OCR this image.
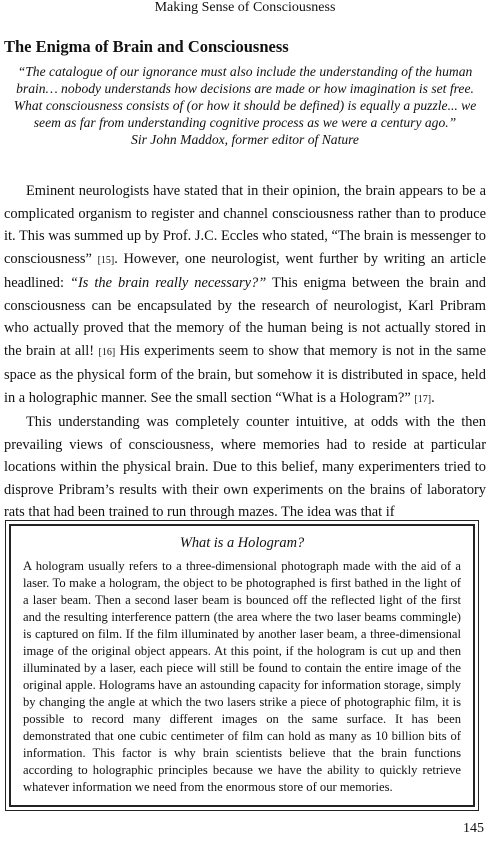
Making Sense of Consciousness
The Enigma of Brain and Consciousness
“The catalogue of our ignorance must also include the understanding of the human brain… nobody understands how decisions are made or how imagination is set free. What consciousness consists of (or how it should be defined) is equally a puzzle... we seem as far from understanding cognitive process as we were a century ago.”
Sir John Maddox, former editor of Nature

Eminent neurologists have stated that in their opinion, the brain appears to be a complicated organism to register and channel consciousness rather than to produce it. This was summed up by Prof. J.C. Eccles who stated, “The brain is messenger to consciousness” [15]. However, one neurologist, went further by writing an article headlined: “Is the brain really necessary?” This enigma between the brain and consciousness can be encapsulated by the research of neurologist, Karl Pribram who actually proved that the memory of the human being is not actually stored in the brain at all! [16] His experiments seem to show that memory is not in the same space as the physical form of the brain, but somehow it is distributed in space, held in a holographic manner. See the small section “What is a Hologram?” [17].

This understanding was completely counter intuitive, at odds with the then prevailing views of consciousness, where memories had to reside at particular locations within the physical brain. Due to this belief, many experimenters tried to disprove Pribram’s results with their own experiments on the brains of laboratory rats that had been trained to run through mazes. The idea was that if

What is a Hologram?

A hologram usually refers to a three-dimensional photograph made with the aid of a laser. To make a hologram, the object to be photographed is first bathed in the light of a laser beam. Then a second laser beam is bounced off the reflected light of the first and the resulting interference pattern (the area where the two laser beams commingle) is captured on film. If the film illuminated by another laser beam, a three-dimensional image of the original object appears. At this point, if the hologram is cut up and then illuminated by a laser, each piece will still be found to contain the entire image of the original apple. Holograms have an astounding capacity for information storage, simply by changing the angle at which the two lasers strike a piece of photographic film, it is possible to record many different images on the same surface. It has been demonstrated that one cubic centimeter of film can hold as many as 10 billion bits of information. This factor is why brain scientists believe that the brain functions according to holographic principles because we have the ability to quickly retrieve whatever information we need from the enormous store of our memories.

145
